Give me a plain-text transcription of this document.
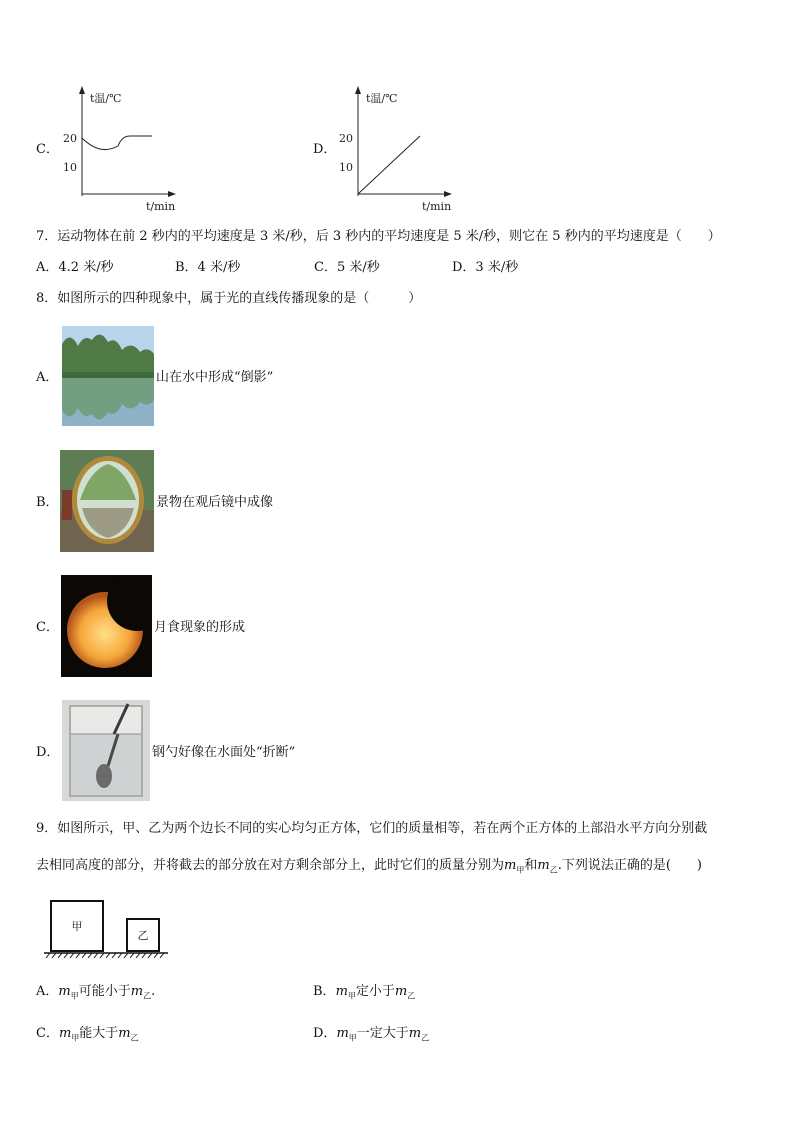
C．
t温/℃
t/min
20
10
D．
t温/℃
t/min
20
10
7．运动物体在前 2 秒内的平均速度是 3 米/秒，后 3 秒内的平均速度是 5 米/秒，则它在 5 秒内的平均速度是（　　）
A．4.2 米/秒	B．4 米/秒	C．5 米/秒	D．3 米/秒
8．如图所示的四种现象中，属于光的直线传播现象的是（　　　）
A．	山在水中形成“倒影”
B．	景物在观后镜中成像
C．	月食现象的形成
D．	钢勺好像在水面处“折断”
9．如图所示，甲、乙为两个边长不同的实心均匀正方体，它们的质量相等，若在两个正方体的上部沿水平方向分别截
去相同高度的部分，并将截去的部分放在对方剩余部分上，此时它们的质量分别为$m_甲$和$m_乙$.下列说法正确的是(　　)
甲
乙
A．$m_甲$可能小于$m_乙$.	B．$m_甲$定小于$m_乙$
C．$m_甲$能大于$m_乙$	D．$m_甲$一定大于$m_乙$
